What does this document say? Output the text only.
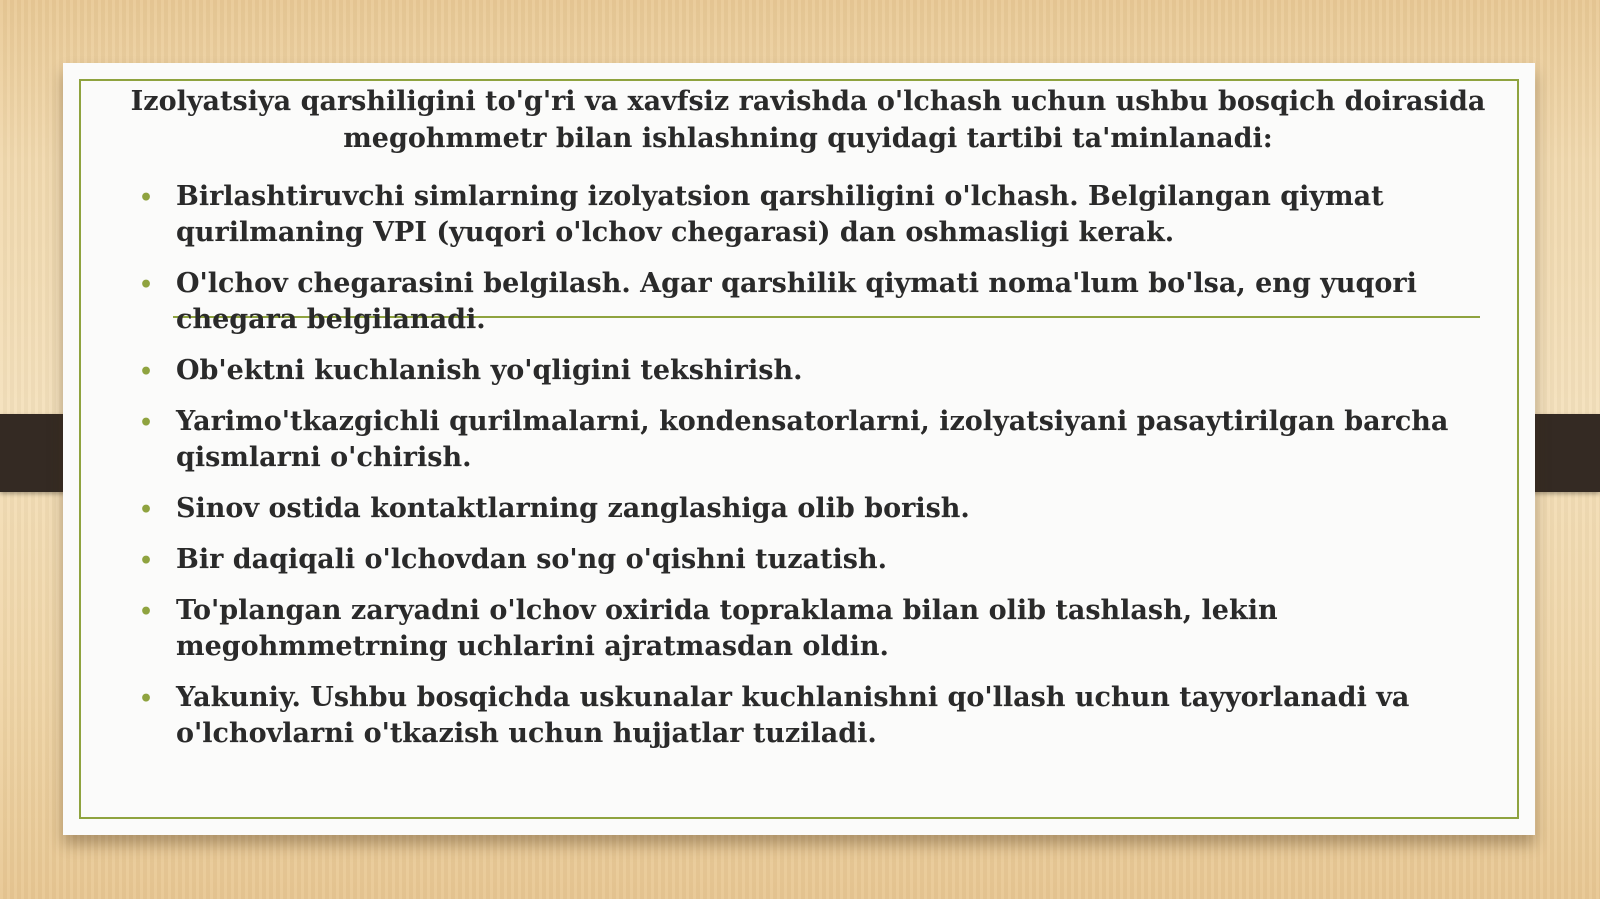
Izolyatsiya qarshiligini to'g'ri va xavfsiz ravishda o'lchash uchun ushbu bosqich doirasida megohmmetr bilan ishlashning quyidagi tartibi ta'minlanadi:
• Birlashtiruvchi simlarning izolyatsion qarshiligini o'lchash. Belgilangan qiymat qurilmaning VPI (yuqori o'lchov chegarasi) dan oshmasligi kerak.
• O'lchov chegarasini belgilash. Agar qarshilik qiymati noma'lum bo'lsa, eng yuqori chegara belgilanadi.
• Ob'ektni kuchlanish yo'qligini tekshirish.
• Yarimo'tkazgichli qurilmalarni, kondensatorlarni, izolyatsiyani pasaytirilgan barcha qismlarni o'chirish.
• Sinov ostida kontaktlarning zanglashiga olib borish.
• Bir daqiqali o'lchovdan so'ng o'qishni tuzatish.
• To'plangan zaryadni o'lchov oxirida topraklama bilan olib tashlash, lekin megohmmetrning uchlarini ajratmasdan oldin.
• Yakuniy. Ushbu bosqichda uskunalar kuchlanishni qo'llash uchun tayyorlanadi va o'lchovlarni o'tkazish uchun hujjatlar tuziladi.
